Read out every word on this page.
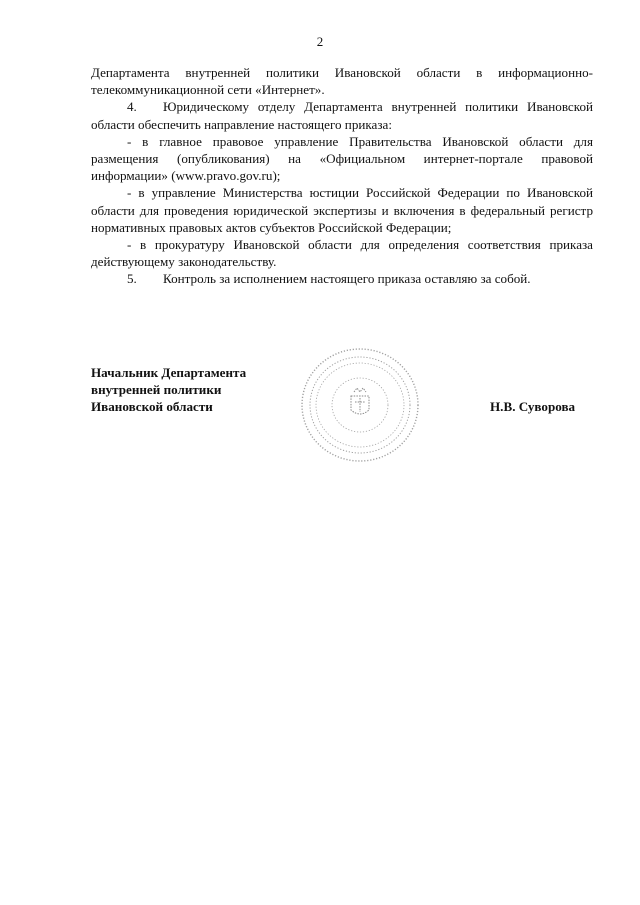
2

Департамента внутренней политики Ивановской области в информационно-телекоммуникационной сети «Интернет».

4. Юридическому отделу Департамента внутренней политики Ивановской области обеспечить направление настоящего приказа:

- в главное правовое управление Правительства Ивановской области для размещения (опубликования) на «Официальном интернет-портале правовой информации» (www.pravo.gov.ru);

- в управление Министерства юстиции Российской Федерации по Ивановской области для проведения юридической экспертизы и включения в федеральный регистр нормативных правовых актов субъектов Российской Федерации;

- в прокуратуру Ивановской области для определения соответствия приказа действующему законодательству.

5. Контроль за исполнением настоящего приказа оставляю за собой.

Начальник Департамента
внутренней политики
Ивановской области	Н.В. Суворова
